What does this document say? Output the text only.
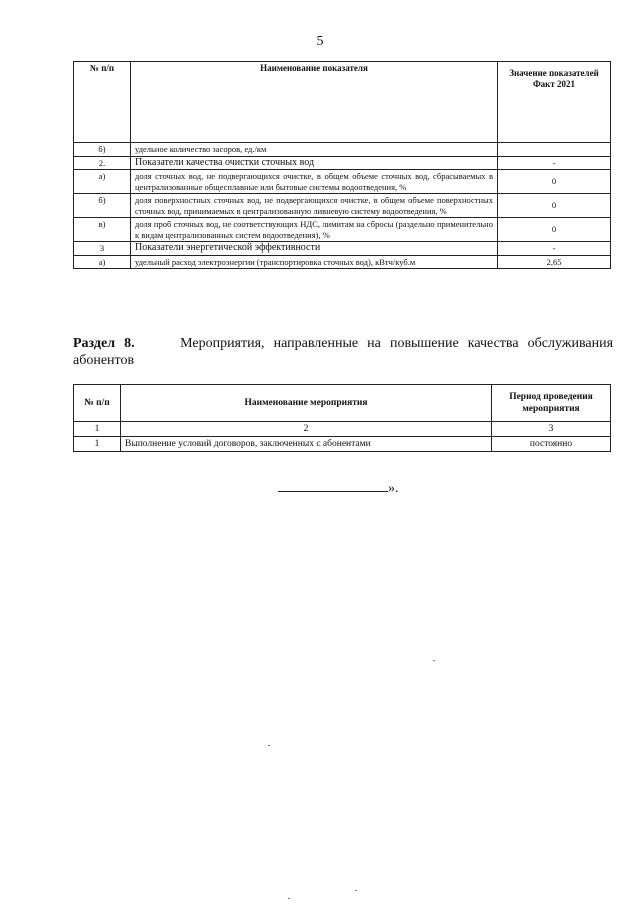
5
№ п/п	Наименование показателя	Значение показателей Факт 2021
б)	удельное количество засоров, ед./км	
2.	Показатели качества очистки сточных вод	-
а)	доля сточных вод, не подвергающихся очистке, в общем объеме сточных вод, сбрасываемых в централизованные общесплавные или бытовые системы водоотведения, %	0
б)	доля поверхностных сточных вод, не подвергающихся очистке, в общем объеме поверхностных сточных вод, принимаемых в централизованную ливневую систему водоотведения, %	0
в)	доля проб сточных вод, не соответствующих НДС, лимитам на сбросы (раздельно применительно к видам централизованных систем водоотведения), %	0
3	Показатели энергетической эффективности	-
а)	удельный расход электроэнергии (транспортировка сточных вод), кВтч/куб.м	2,65
Раздел 8.	Мероприятия, направленные на повышение качества обслуживания абонентов
№ п/п	Наименование мероприятия	Период проведения мероприятия
1	2	3
1	Выполнение условий договоров, заключенных с абонентами	постоянно
».
